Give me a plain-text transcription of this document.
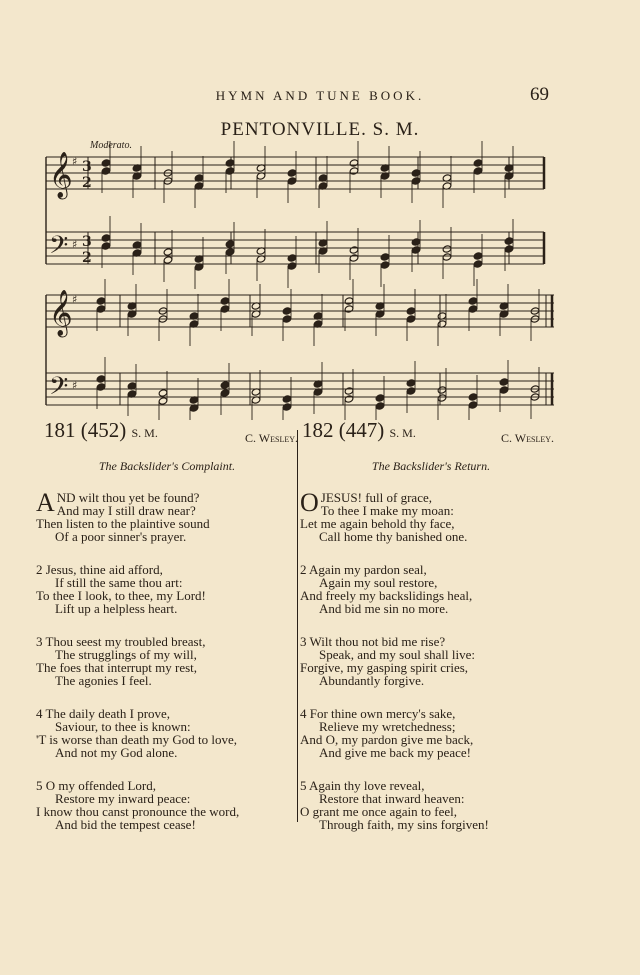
HYMN AND TUNE BOOK.	69
PENTONVILLE. S. M.
Moderato.
𝄞
𝄢
♯
♯
3
3
2
2
𝄞
𝄢
♯
♯
181 (452) S. M.	C. Wesley.
The Backslider's Complaint.
AND wilt thou yet be found?
And may I still draw near?
Then listen to the plaintive sound
Of a poor sinner's prayer.
2 Jesus, thine aid afford,
If still the same thou art:
To thee I look, to thee, my Lord!
Lift up a helpless heart.
3 Thou seest my troubled breast,
The strugglings of my will,
The foes that interrupt my rest,
The agonies I feel.
4 The daily death I prove,
Saviour, to thee is known:
'T is worse than death my God to love,
And not my God alone.
5 O my offended Lord,
Restore my inward peace:
I know thou canst pronounce the word,
And bid the tempest cease!
182 (447) S. M.	C. Wesley.
The Backslider's Return.
OJESUS! full of grace,
To thee I make my moan:
Let me again behold thy face,
Call home thy banished one.
2 Again my pardon seal,
Again my soul restore,
And freely my backslidings heal,
And bid me sin no more.
3 Wilt thou not bid me rise?
Speak, and my soul shall live:
Forgive, my gasping spirit cries,
Abundantly forgive.
4 For thine own mercy's sake,
Relieve my wretchedness;
And O, my pardon give me back,
And give me back my peace!
5 Again thy love reveal,
Restore that inward heaven:
O grant me once again to feel,
Through faith, my sins forgiven!
